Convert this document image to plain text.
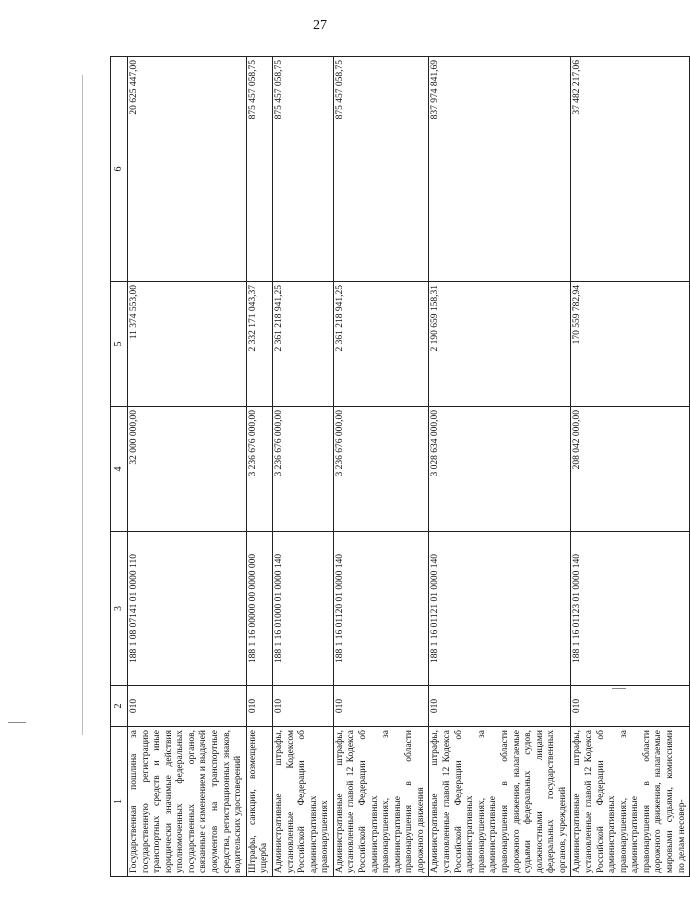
27
1	2	3	4	5	6
Государственная пошлина за государственную регистрацию транспортных средств и иные юридически значимые действия уполномоченных федеральных государственных органов, связанные с изменением и выдачей документов на транспортные средства, регистрационных знаков, водительских удостоверений	010	188 1 08 07141 01 0000 110	32 000 000,00	11 374 553,00	20 625 447,00
Штрафы, санкции, возмещение ущерба	010	188 1 16 00000 00 0000 000	3 236 676 000,00	2 332 171 043,37	875 457 058,75
Административные штрафы, установленные Кодексом Российской Федерации об административных правонарушениях	010	188 1 16 01000 01 0000 140	3 236 676 000,00	2 361 218 941,25	875 457 058,75
Административные штрафы, установленные главой 12 Кодекса Российской Федерации об административных правонарушениях, за административные правонарушения в области дорожного движения	010	188 1 16 01120 01 0000 140	3 236 676 000,00	2 361 218 941,25	875 457 058,75
Административные штрафы, установленные главой 12 Кодекса Российской Федерации об административных правонарушениях, за административные правонарушения в области дорожного движения, налагаемые судьями федеральных судов, должностными лицами федеральных государственных органов, учреждений	010	188 1 16 01121 01 0000 140	3 028 634 000,00	2 190 659 158,31	837 974 841,69
Административные штрафы, установленные главой 12 Кодекса Российской Федерации об административных правонарушениях, за административные правонарушения в области дорожного движения, налагаемые мировыми судьями, комиссиями по делам несовер-	010	188 1 16 01123 01 0000 140	208 042 000,00	170 559 782,94	37 482 217,06
